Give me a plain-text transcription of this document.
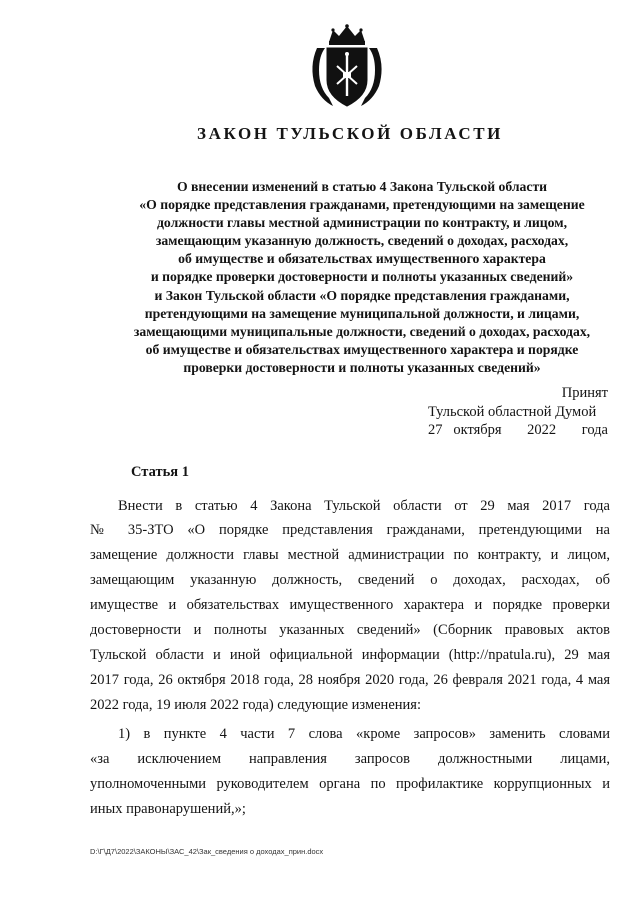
ЗАКОН ТУЛЬСКОЙ ОБЛАСТИ
О внесении изменений в статью 4 Закона Тульской области
«О порядке представления гражданами, претендующими на замещение
должности главы местной администрации по контракту, и лицом,
замещающим указанную должность, сведений о доходах, расходах,
об имуществе и обязательствах имущественного характера
и порядке проверки достоверности и полноты указанных сведений»
и Закон Тульской области «О порядке представления гражданами,
претендующими на замещение муниципальной должности, и лицами,
замещающими муниципальные должности, сведений о доходах, расходах,
об имуществе и обязательствах имущественного характера и порядке
проверки достоверности и полноты указанных сведений»
Принят
Тульской областной Думой
27   октября 2022 года
Статья 1
Внести в статью 4 Закона Тульской области от 29 мая 2017 года
№ 35-ЗТО «О порядке представления гражданами, претендующими на
замещение должности главы местной администрации по контракту, и лицом,
замещающим указанную должность, сведений о доходах, расходах, об
имуществе и обязательствах имущественного характера и порядке проверки
достоверности и полноты указанных сведений» (Сборник правовых актов
Тульской области и иной официальной информации (http://npatula.ru), 29 мая
2017 года, 26 октября 2018 года, 28 ноября 2020 года, 26 февраля 2021 года, 4 мая
2022 года, 19 июля 2022 года) следующие изменения:
1) в пункте 4 части 7 слова «кроме запросов» заменить словами
«за исключением направления запросов должностными лицами,
уполномоченными руководителем органа по профилактике коррупционных и
иных правонарушений,»;
D:\Г\Д7\2022\ЗАКОНЫ\ЗАС_42\Зак_сведения о доходах_прин.docx
